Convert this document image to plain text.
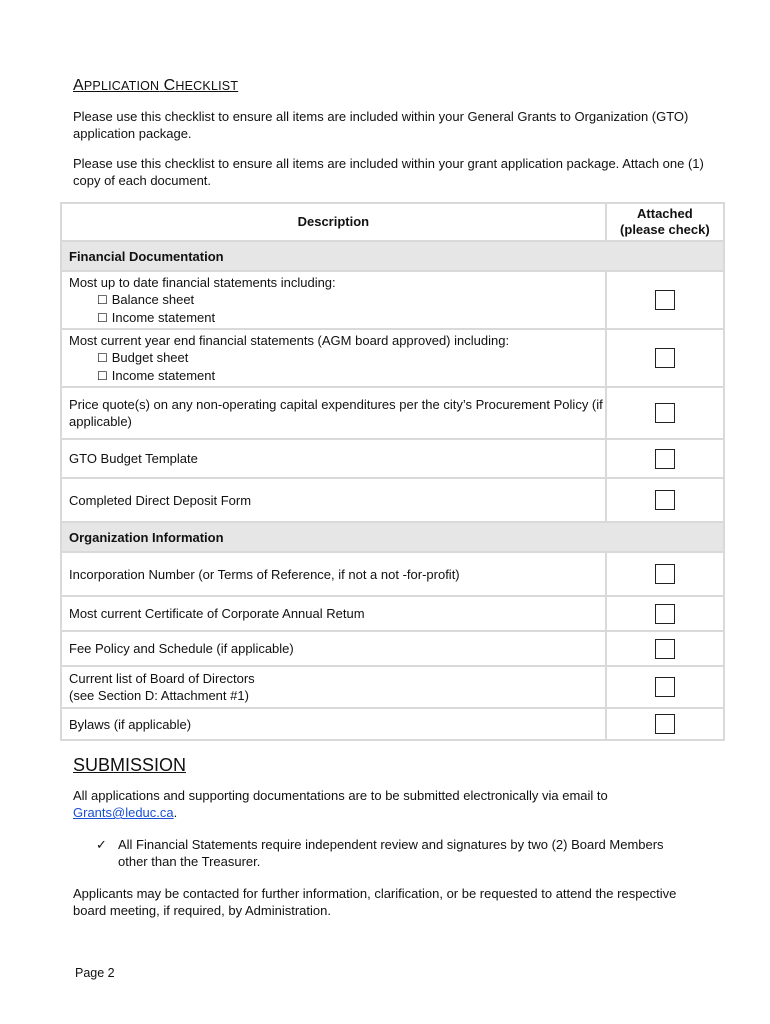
APPLICATION CHECKLIST
Please use this checklist to ensure all items are included within your General Grants to Organization (GTO) application package.
Please use this checklist to ensure all items are included within your grant application package. Attach one (1) copy of each document.
Description	Attached
(please check)
Financial Documentation	

Most up to date financial statements including:
☐ Balance sheet
☐ Income statement	

Most current year end financial statements (AGM board approved) including:
☐ Budget sheet
☐ Income statement	

Price quote(s) on any non-operating capital expenditures per the city’s Procurement Policy (if applicable)	
GTO Budget Template	
Completed Direct Deposit Form	
Organization Information	
Incorporation Number (or Terms of Reference, if not a not -for-profit)	
Most current Certificate of Corporate Annual Retum	
Fee Policy and Schedule (if applicable)	

Current list of Board of Directors
(see Section D: Attachment #1)	

Bylaws (if applicable)	
SUBMISSION
All applications and supporting documentations are to be submitted electronically via email to
Grants@leduc.ca.
✓ All Financial Statements require independent review and signatures by two (2) Board Members other than the Treasurer.
Applicants may be contacted for further information, clarification, or be requested to attend the respective board meeting, if required, by Administration.
Page 2
